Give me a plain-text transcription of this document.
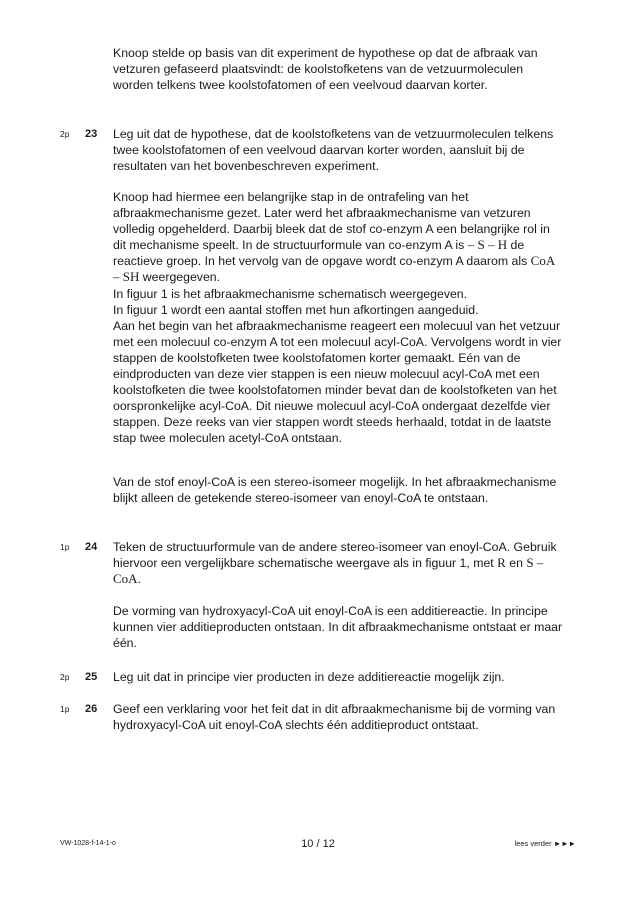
Knoop stelde op basis van dit experiment de hypothese op dat de afbraak van vetzuren gefaseerd plaatsvindt: de koolstofketens van de vetzuurmoleculen worden telkens twee koolstofatomen of een veelvoud daarvan korter.

2p 23 Leg uit dat de hypothese, dat de koolstofketens van de vetzuurmoleculen telkens twee koolstofatomen of een veelvoud daarvan korter worden, aansluit bij de resultaten van het bovenbeschreven experiment.

Knoop had hiermee een belangrijke stap in de ontrafeling van het afbraakmechanisme gezet. Later werd het afbraakmechanisme van vetzuren volledig opgehelderd. Daarbij bleek dat de stof co-enzym A een belangrijke rol in dit mechanisme speelt. In de structuurformule van co-enzym A is – S – H de reactieve groep. In het vervolg van de opgave wordt co-enzym A daarom als CoA – SH weergegeven.

In figuur 1 is het afbraakmechanisme schematisch weergegeven.

In figuur 1 wordt een aantal stoffen met hun afkortingen aangeduid.

Aan het begin van het afbraakmechanisme reageert een molecuul van het vetzuur met een molecuul co-enzym A tot een molecuul acyl-CoA. Vervolgens wordt in vier stappen de koolstofketen twee koolstofatomen korter gemaakt. Eén van de eindproducten van deze vier stappen is een nieuw molecuul acyl-CoA met een koolstofketen die twee koolstofatomen minder bevat dan de koolstofketen van het oorspronkelijke acyl-CoA. Dit nieuwe molecuul acyl-CoA ondergaat dezelfde vier stappen. Deze reeks van vier stappen wordt steeds herhaald, totdat in de laatste stap twee moleculen acetyl-CoA ontstaan.

Van de stof enoyl-CoA is een stereo-isomeer mogelijk. In het afbraakmechanisme blijkt alleen de getekende stereo-isomeer van enoyl-CoA te ontstaan.

1p 24 Teken de structuurformule van de andere stereo-isomeer van enoyl-CoA. Gebruik hiervoor een vergelijkbare schematische weergave als in figuur 1, met R en S – CoA.

De vorming van hydroxyacyl-CoA uit enoyl-CoA is een additiereactie. In principe kunnen vier additieproducten ontstaan. In dit afbraakmechanisme ontstaat er maar één.

2p 25 Leg uit dat in principe vier producten in deze additiereactie mogelijk zijn.
1p 26 Geef een verklaring voor het feit dat in dit afbraakmechanisme bij de vorming van hydroxyacyl-CoA uit enoyl-CoA slechts één additieproduct ontstaat.
VW-1028-f-14-1-o	10 / 12	lees verder ►►►
